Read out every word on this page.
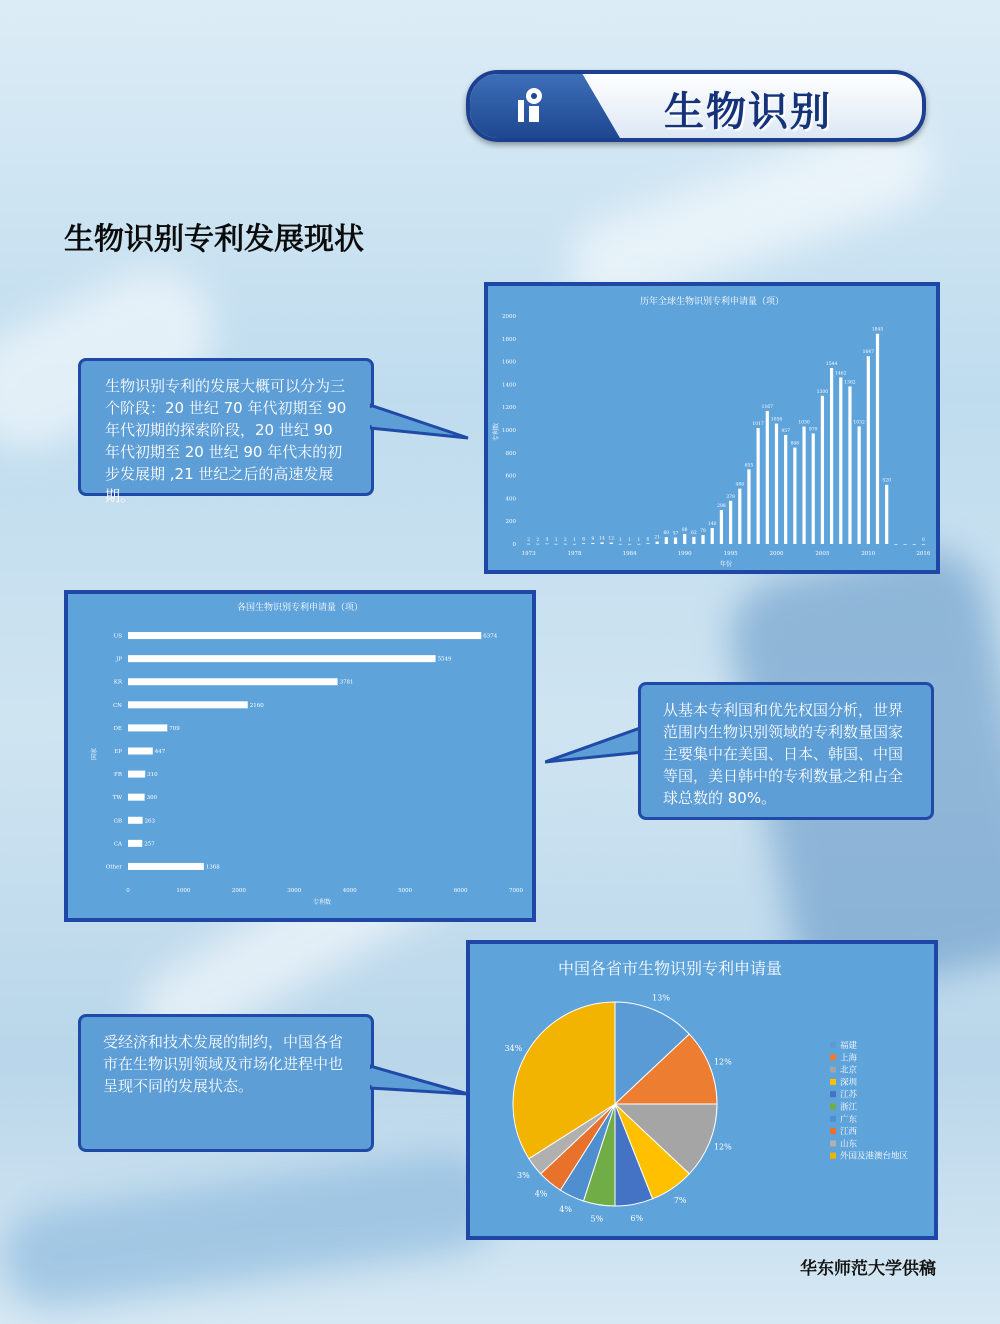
生物识别
生物识别专利发展现状
生物识别专利的发展大概可以分为三个阶段：20 世纪 70 年代初期至 90 年代初期的探索阶段，20 世纪 90 年代初期至 20 世纪 90 年代末的初步发展期 ,21 世纪之后的高速发展期。
历年全球生物识别专利申请量（项）
专利数
年份
0
200
400
600
800
1000
1200
1400
1600
1800
2000
2 2 4 1 2 1 6 9 14 12 1 1 1 6 21
60 57
88
62 78
140
298
379
486
655
1017
1167
1056
957
846
1030
970
1300
1544
1462
1382
1032
1647
1845
520
0
1973	1978	1984	1990	1995	2000	2005	2010	2016
各国生物识别专利申请量（项）
国家
专利数
US	6374
JP	5549
KR	3781
CN	2160
DE	709
EP	447
FR	310
TW	300
GB	263
CA	257
Other	1368
0	1000	2000	3000	4000	5000	6000	7000
从基本专利国和优先权国分析，世界范围内生物识别领域的专利数量国家主要集中在美国、日本、韩国、中国等国，美日韩中的专利数量之和占全球总数的 80%。
中国各省市生物识别专利申请量
13%
12%
12%
7%
6%
5%
4%
4%
3%
34%	福建
上海
北京
深圳
江苏
浙江
广东
江西
山东
外国及港澳台地区
受经济和技术发展的制约，中国各省市在生物识别领域及市场化进程中也呈现不同的发展状态。
华东师范大学供稿
